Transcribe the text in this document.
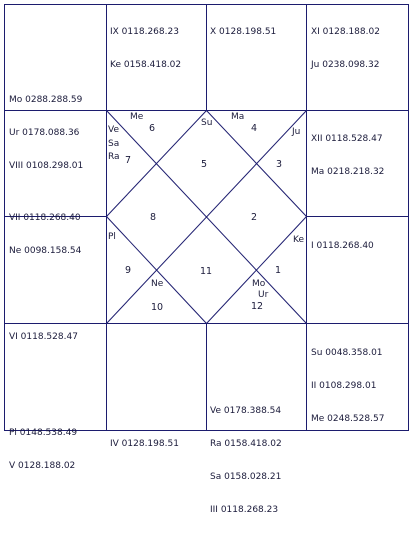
IX 0118.268.23

Ke 0158.418.02

X 0128.198.51

	XI 0128.188.02

Ju 0238.098.32

Mo 0288.288.59

Ur 0178.088.36

VIII 0108.298.01

VII 0118.268.40

Ne 0098.158.54

VI 0118.528.47

XII 0118.528.47

Ma 0218.218.32

I 0118.268.40

Su 0048.358.01

II 0108.298.01

Me 0248.528.57

Pl 0148.538.49

V 0128.188.02

IV 0128.198.51

Ve 0178.388.54

Ra 0158.418.02

Sa 0158.028.21

III 0118.268.23

Me
Su
Ma
Ve
Sa
Ra
Ju
Pl	Ke
Ne	Mo
Ur
1
2
3
4
5
6
7
8
9
10
11
12
